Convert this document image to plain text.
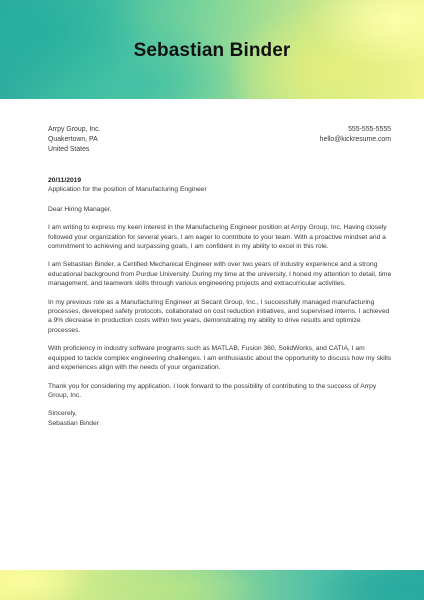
Sebastian Binder
Arrpy Group, Inc.
Quakertown, PA
United States
555-555-5555
hello@kickresume.com
20/11/2019
Application for the position of Manufacturing Engineer
Dear Hiring Manager,

I am writing to express my keen interest in the Manufacturing Engineer position at Arrpy Group, Inc. Having closely followed your organization for several years, I am eager to contribute to your team. With a proactive mindset and a commitment to achieving and surpassing goals, I am confident in my ability to excel in this role.

I am Sebastian Binder, a Certified Mechanical Engineer with over two years of industry experience and a strong educational background from Purdue University. During my time at the university, I honed my attention to detail, time management, and teamwork skills through various engineering projects and extracurricular activities.

In my previous role as a Manufacturing Engineer at Secant Group, Inc., I successfully managed manufacturing processes, developed safety protocols, collaborated on cost reduction initiatives, and supervised interns. I achieved a 9% decrease in production costs within two years, demonstrating my ability to drive results and optimize processes.

With proficiency in industry software programs such as MATLAB, Fusion 360, SolidWorks, and CATIA, I am equipped to tackle complex engineering challenges. I am enthusiastic about the opportunity to discuss how my skills and experiences align with the needs of your organization.

Thank you for considering my application. I look forward to the possibility of contributing to the success of Arrpy Group, Inc.

Sincerely,
Sebastian Binder
